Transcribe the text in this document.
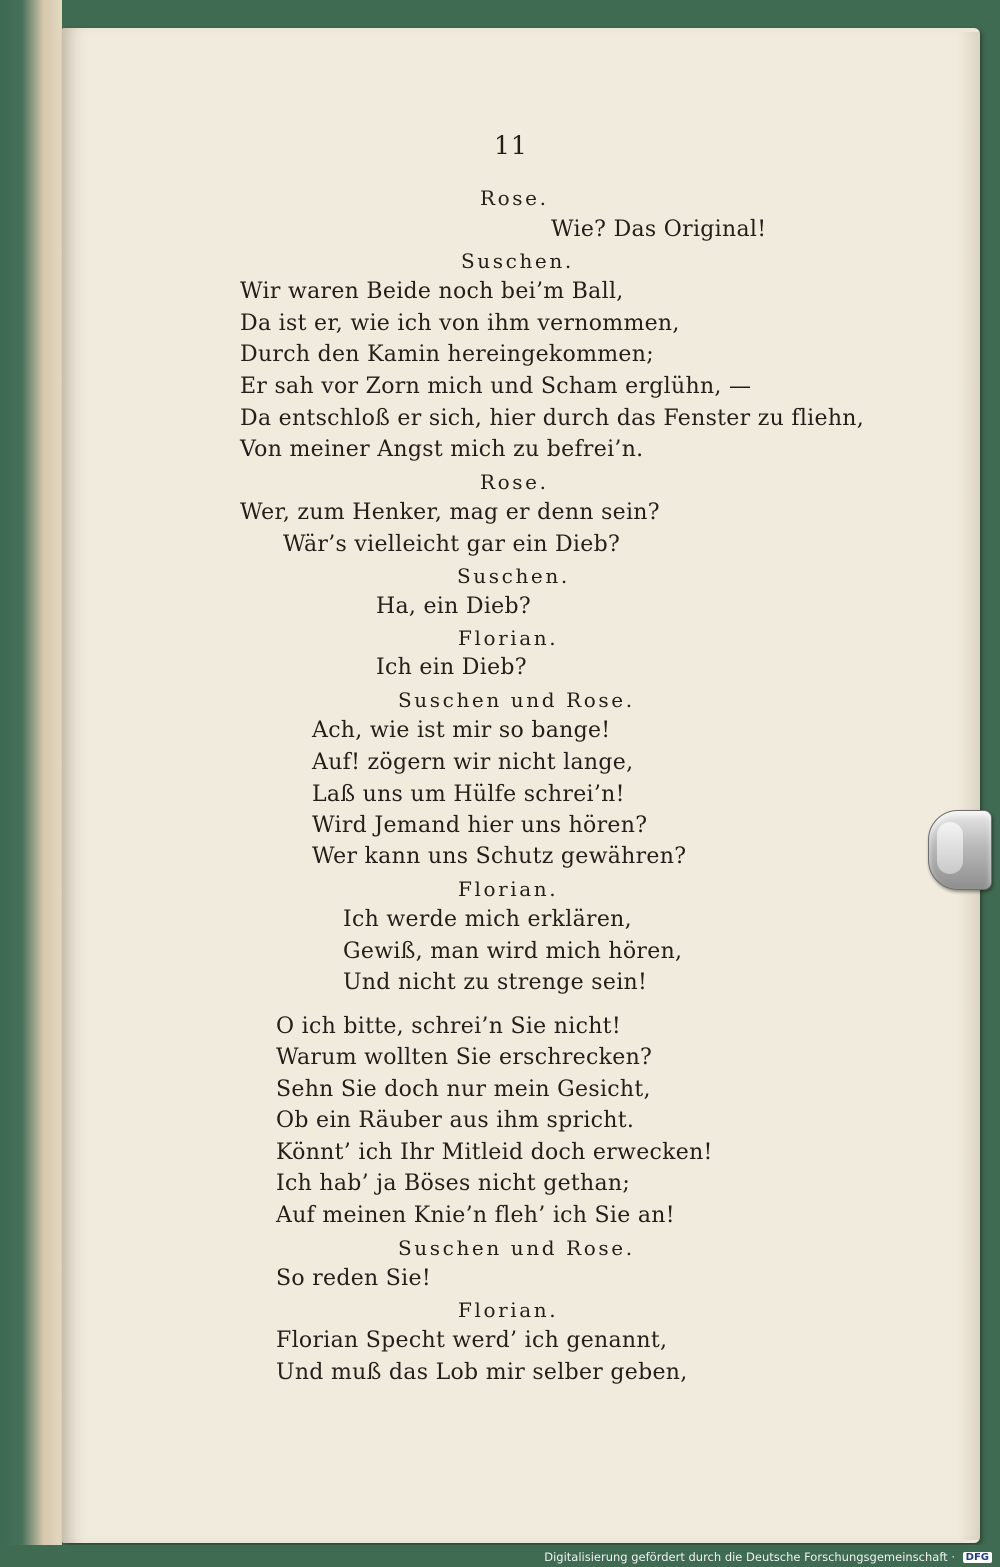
11
Rose.
Wie? Das Original!
Suschen.
Wir waren Beide noch bei’m Ball,
Da ist er, wie ich von ihm vernommen,
Durch den Kamin hereingekommen;
Er sah vor Zorn mich und Scham erglühn, —
Da entschloß er sich, hier durch das Fenster zu fliehn,
Von meiner Angst mich zu befrei’n.
Rose.
Wer, zum Henker, mag er denn sein?
Wär’s vielleicht gar ein Dieb?
Suschen.
Ha, ein Dieb?
Florian.
Ich ein Dieb?
Suschen und Rose.
Ach, wie ist mir so bange!
Auf! zögern wir nicht lange,
Laß uns um Hülfe schrei’n!
Wird Jemand hier uns hören?
Wer kann uns Schutz gewähren?
Florian.
Ich werde mich erklären,
Gewiß, man wird mich hören,
Und nicht zu strenge sein!
O ich bitte, schrei’n Sie nicht!
Warum wollten Sie erschrecken?
Sehn Sie doch nur mein Gesicht,
Ob ein Räuber aus ihm spricht.
Könnt’ ich Ihr Mitleid doch erwecken!
Ich hab’ ja Böses nicht gethan;
Auf meinen Knie’n fleh’ ich Sie an!
Suschen und Rose.
So reden Sie!
Florian.
Florian Specht werd’ ich genannt,
Und muß das Lob mir selber geben,
Digitalisierung gefördert durch die Deutsche Forschungsgemeinschaft · DFG
